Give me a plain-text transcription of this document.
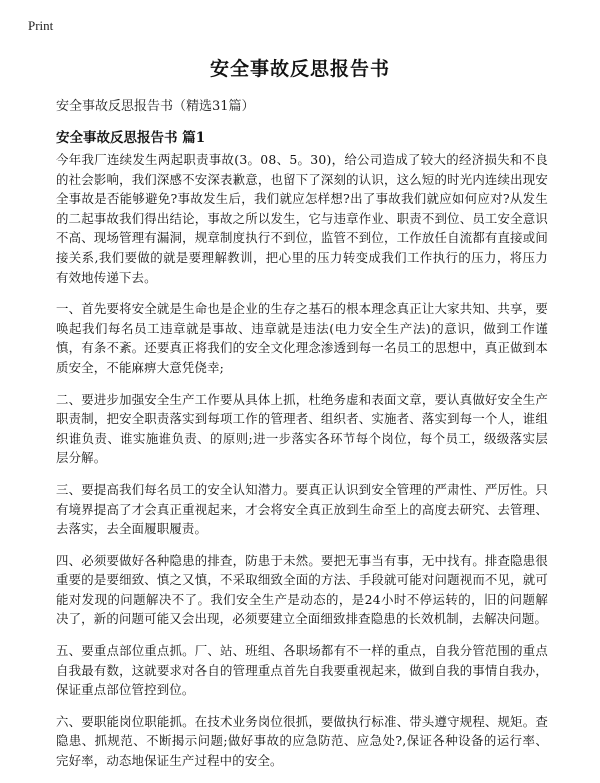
Print
安全事故反思报告书
安全事故反思报告书（精选31篇）
安全事故反思报告书 篇1

今年我厂连续发生两起职责事故(3。08、5。30)，给公司造成了较大的经济损失和不良的社会影响，我们深感不安深表歉意，也留下了深刻的认识，这么短的时光内连续出现安全事故是否能够避免?事故发生后，我们就应怎样想?出了事故我们就应如何应对?从发生的二起事故我们得出结论，事故之所以发生，它与违章作业、职责不到位、员工安全意识不高、现场管理有漏洞，规章制度执行不到位，监管不到位，工作放任自流都有直接或间接关系,我们要做的就是要理解教训，把心里的压力转变成我们工作执行的压力，将压力有效地传递下去。

一、首先要将安全就是生命也是企业的生存之基石的根本理念真正让大家共知、共享，要唤起我们每名员工违章就是事故、违章就是违法(电力安全生产法)的意识，做到工作谨慎，有条不紊。还要真正将我们的安全文化理念渗透到每一名员工的思想中，真正做到本质安全，不能麻痹大意凭侥幸;

二、要进步加强安全生产工作要从具体上抓，杜绝务虚和表面文章，要认真做好安全生产职责制，把安全职责落实到每项工作的管理者、组织者、实施者、落实到每一个人，谁组织谁负责、谁实施谁负责、的原则;进一步落实各环节每个岗位，每个员工，级级落实层层分解。

三、要提高我们每名员工的安全认知潜力。要真正认识到安全管理的严肃性、严厉性。只有境界提高了才会真正重视起来，才会将安全真正放到生命至上的高度去研究、去管理、去落实，去全面履职履责。

四、必须要做好各种隐患的排查，防患于未然。要把无事当有事，无中找有。排查隐患很重要的是要细致、慎之又慎，不采取细致全面的方法、手段就可能对问题视而不见，就可能对发现的问题解决不了。我们安全生产是动态的，是24小时不停运转的，旧的问题解决了，新的问题可能又会出现，必须要建立全面细致排查隐患的长效机制，去解决问题。

五、要重点部位重点抓。厂、站、班组、各职场都有不一样的重点，自我分管范围的重点自我最有数，这就要求对各自的管理重点首先自我要重视起来，做到自我的事情自我办，保证重点部位管控到位。

六、要职能岗位职能抓。在技术业务岗位很抓，要做执行标准、带头遵守规程、规矩。查隐患、抓规范、不断揭示问题;做好事故的应急防范、应急处?,保证各种设备的运行率、完好率，动态地保证生产过程中的安全。
